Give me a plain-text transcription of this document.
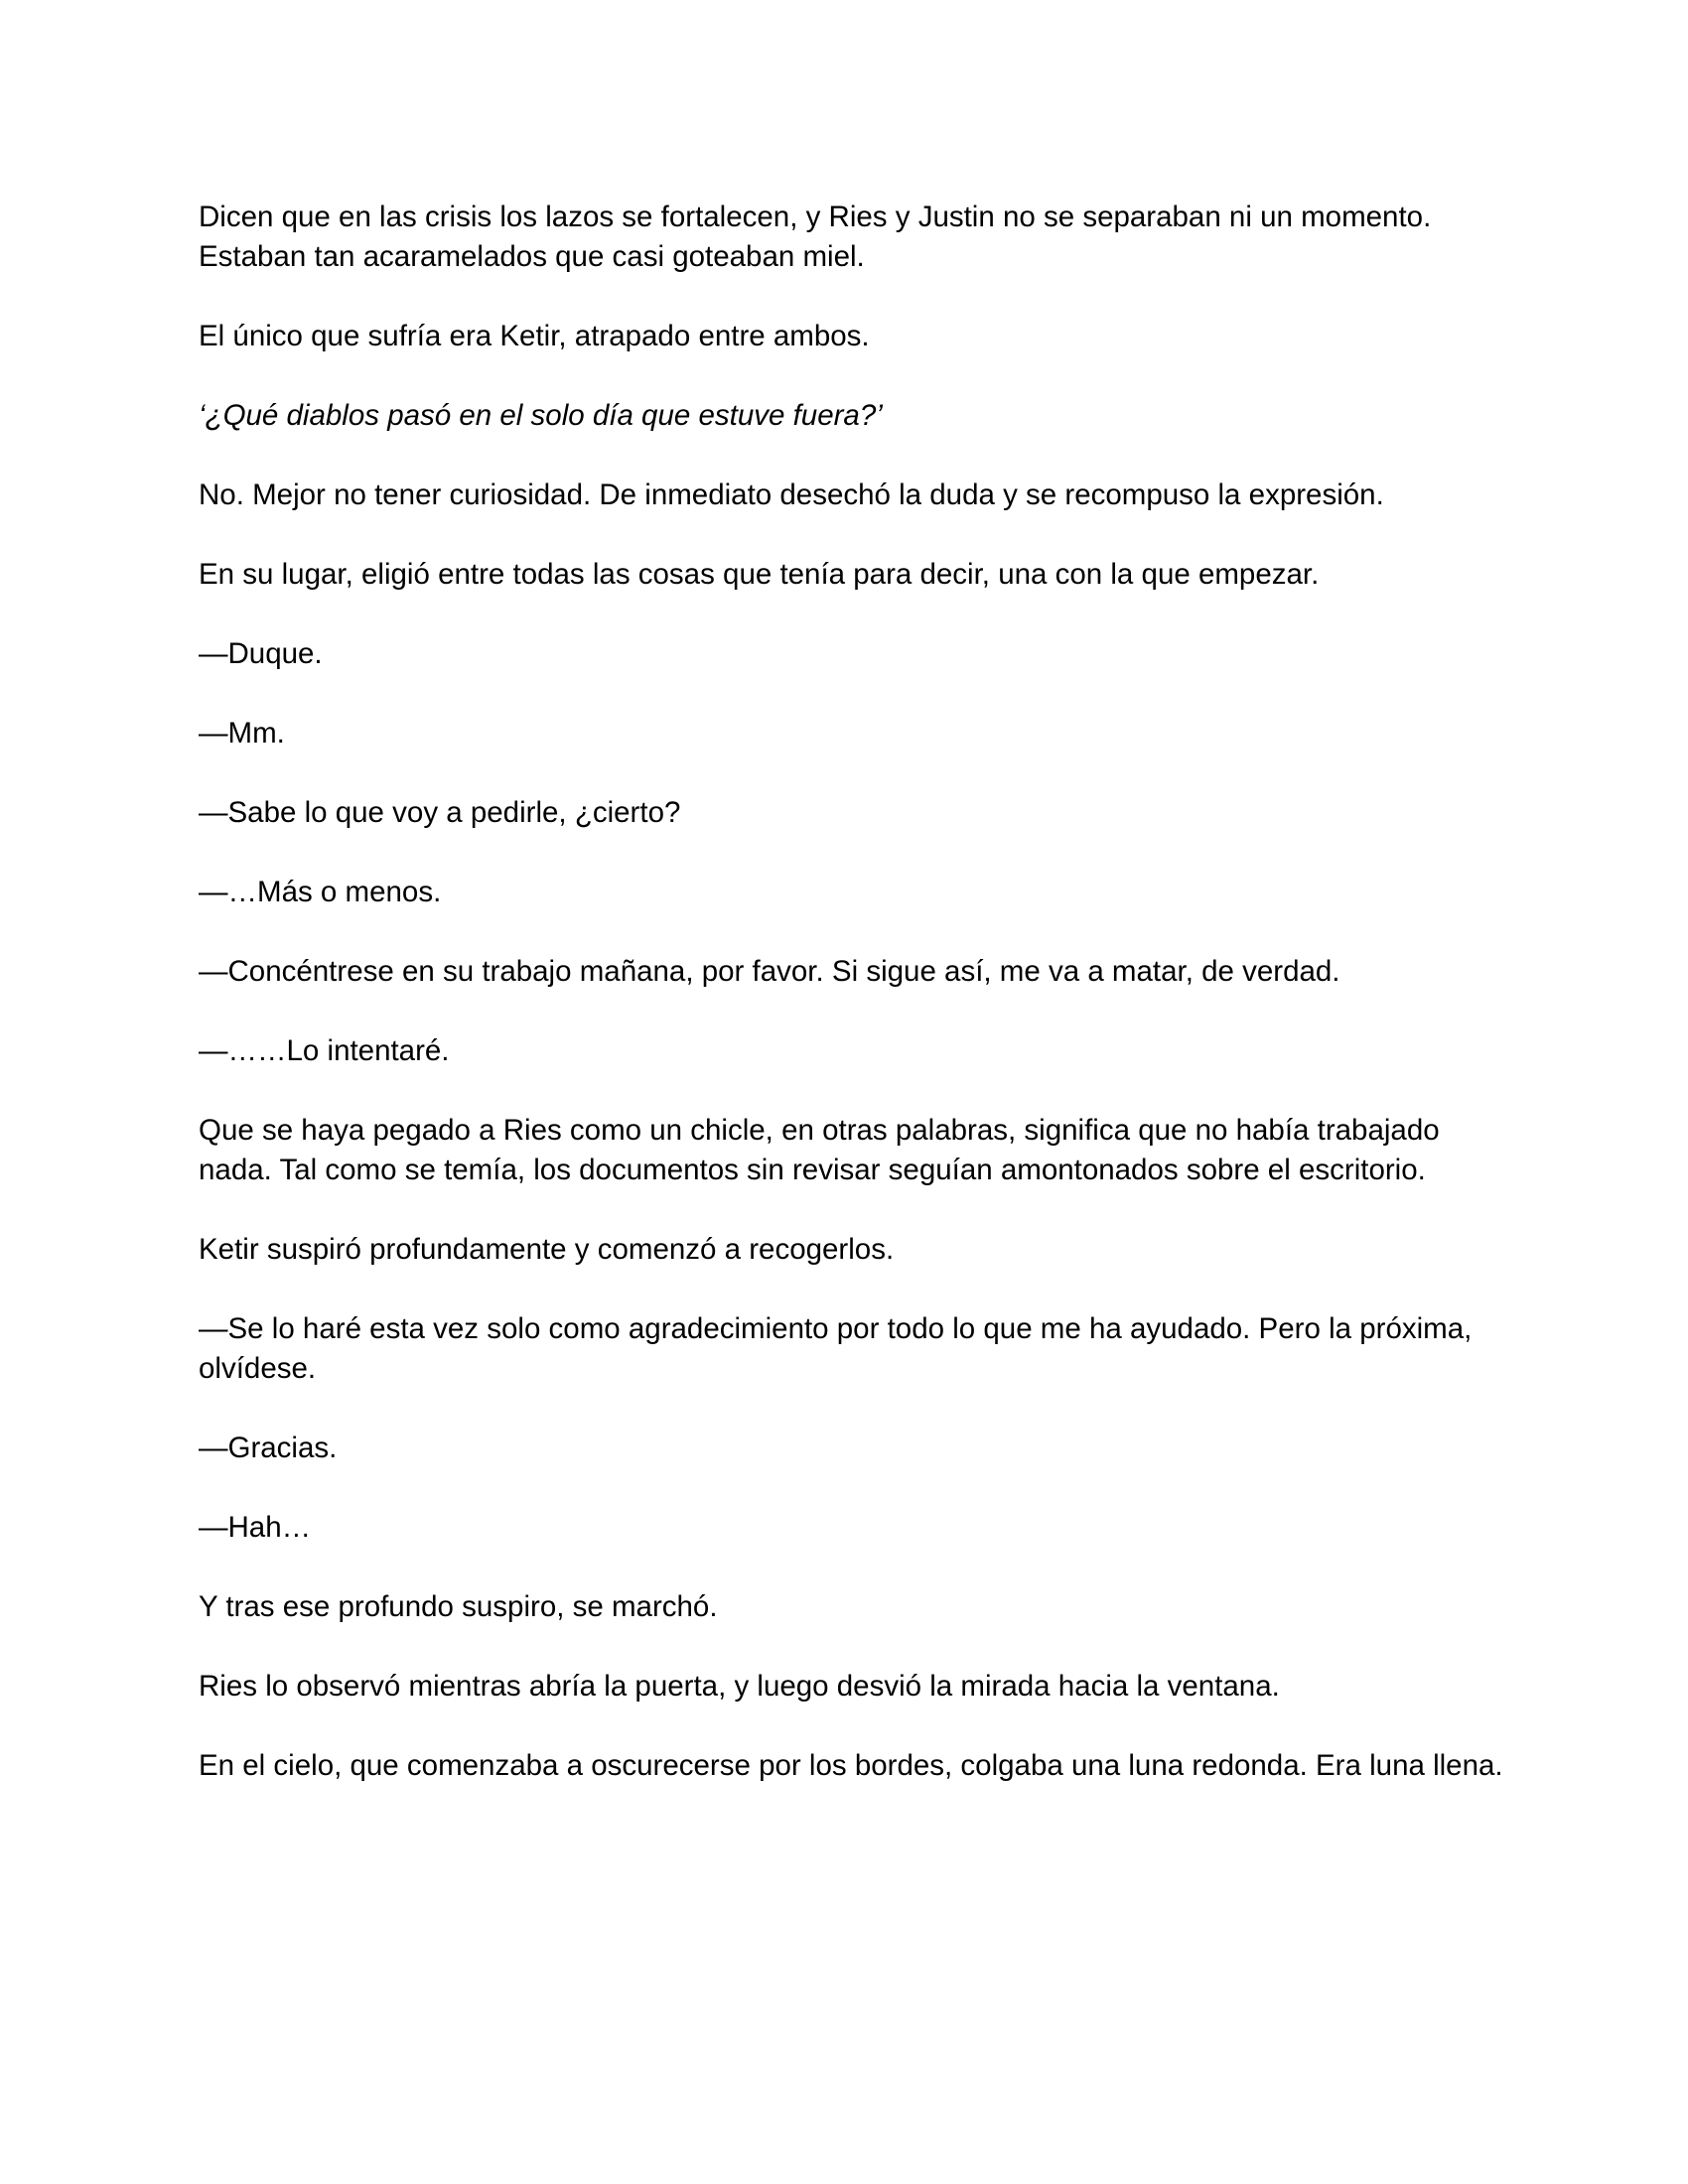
Dicen que en las crisis los lazos se fortalecen, y Ries y Justin no se separaban ni un momento. Estaban tan acaramelados que casi goteaban miel.

El único que sufría era Ketir, atrapado entre ambos.

‘¿Qué diablos pasó en el solo día que estuve fuera?’

No. Mejor no tener curiosidad. De inmediato desechó la duda y se recompuso la expresión.

En su lugar, eligió entre todas las cosas que tenía para decir, una con la que empezar.

—Duque.

—Mm.

—Sabe lo que voy a pedirle, ¿cierto?

—…Más o menos.

—Concéntrese en su trabajo mañana, por favor. Si sigue así, me va a matar, de verdad.

—……Lo intentaré.

Que se haya pegado a Ries como un chicle, en otras palabras, significa que no había trabajado nada. Tal como se temía, los documentos sin revisar seguían amontonados sobre el escritorio.

Ketir suspiró profundamente y comenzó a recogerlos.

—Se lo haré esta vez solo como agradecimiento por todo lo que me ha ayudado. Pero la próxima, olvídese.

—Gracias.

—Hah…

Y tras ese profundo suspiro, se marchó.

Ries lo observó mientras abría la puerta, y luego desvió la mirada hacia la ventana.

En el cielo, que comenzaba a oscurecerse por los bordes, colgaba una luna redonda. Era luna llena.
